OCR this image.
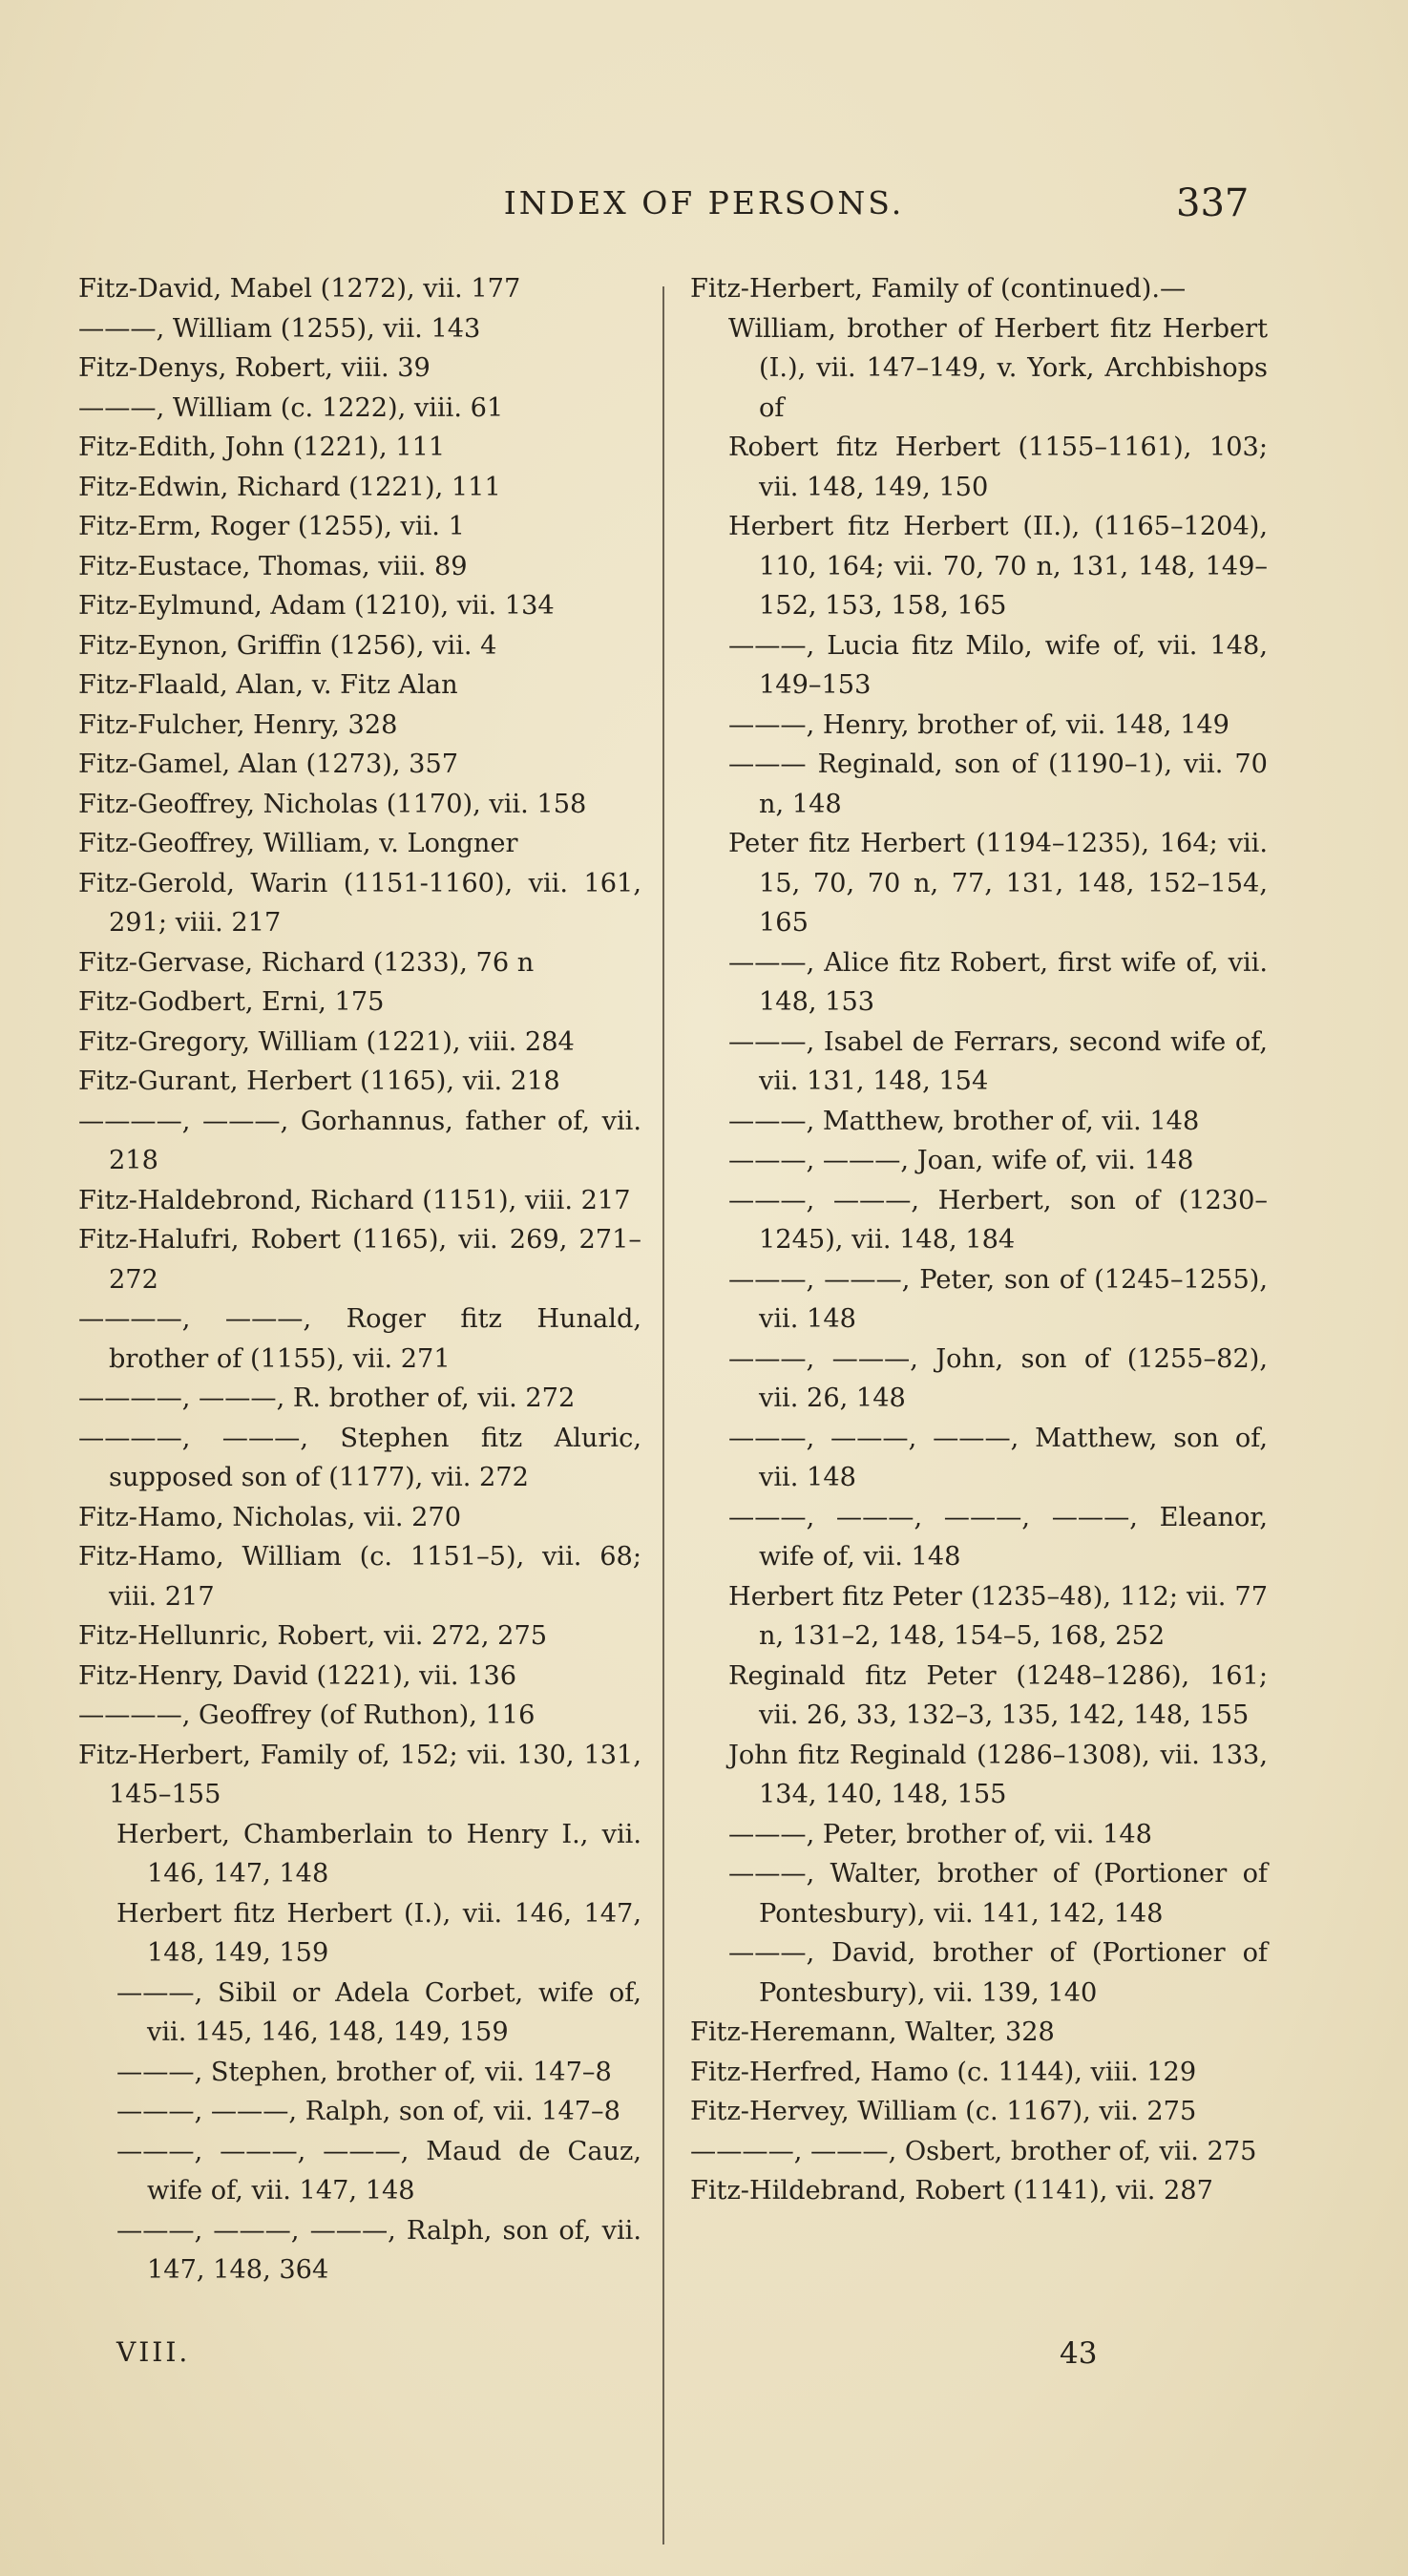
INDEX OF PERSONS.	337
Fitz-David, Mabel (1272), vii. 177
———, William (1255), vii. 143
Fitz-Denys, Robert, viii. 39
———, William (c. 1222), viii. 61
Fitz-Edith, John (1221), 111
Fitz-Edwin, Richard (1221), 111
Fitz-Erm, Roger (1255), vii. 1
Fitz-Eustace, Thomas, viii. 89
Fitz-Eylmund, Adam (1210), vii. 134
Fitz-Eynon, Griffin (1256), vii. 4
Fitz-Flaald, Alan, v. Fitz Alan
Fitz-Fulcher, Henry, 328
Fitz-Gamel, Alan (1273), 357
Fitz-Geoffrey, Nicholas (1170), vii. 158
Fitz-Geoffrey, William, v. Longner
Fitz-Gerold, Warin (1151-1160), vii. 161, 291; viii. 217
Fitz-Gervase, Richard (1233), 76 n
Fitz-Godbert, Erni, 175
Fitz-Gregory, William (1221), viii. 284
Fitz-Gurant, Herbert (1165), vii. 218
————, ———, Gorhannus, father of, vii. 218
Fitz-Haldebrond, Richard (1151), viii. 217
Fitz-Halufri, Robert (1165), vii. 269, 271–272
————, ———, Roger fitz Hunald, brother of (1155), vii. 271
————, ———, R. brother of, vii. 272
————, ———, Stephen fitz Aluric, supposed son of (1177), vii. 272
Fitz-Hamo, Nicholas, vii. 270
Fitz-Hamo, William (c. 1151–5), vii. 68; viii. 217
Fitz-Hellunric, Robert, vii. 272, 275
Fitz-Henry, David (1221), vii. 136
————, Geoffrey (of Ruthon), 116
Fitz-Herbert, Family of, 152; vii. 130, 131, 145–155
Herbert, Chamberlain to Henry I., vii. 146, 147, 148
Herbert fitz Herbert (I.), vii. 146, 147, 148, 149, 159
———, Sibil or Adela Corbet, wife of, vii. 145, 146, 148, 149, 159
———, Stephen, brother of, vii. 147–8
———, ———, Ralph, son of, vii. 147–8
———, ———, ———, Maud de Cauz, wife of, vii. 147, 148
———, ———, ———, Ralph, son of, vii. 147, 148, 364
Fitz-Herbert, Family of (continued).—
William, brother of Herbert fitz Herbert (I.), vii. 147–149, v. York, Archbishops of
Robert fitz Herbert (1155–1161), 103; vii. 148, 149, 150
Herbert fitz Herbert (II.), (1165–1204), 110, 164; vii. 70, 70 n, 131, 148, 149–152, 153, 158, 165
———, Lucia fitz Milo, wife of, vii. 148, 149–153
———, Henry, brother of, vii. 148, 149
——— Reginald, son of (1190–1), vii. 70 n, 148
Peter fitz Herbert (1194–1235), 164; vii. 15, 70, 70 n, 77, 131, 148, 152–154, 165
———, Alice fitz Robert, first wife of, vii. 148, 153
———, Isabel de Ferrars, second wife of, vii. 131, 148, 154
———, Matthew, brother of, vii. 148
———, ———, Joan, wife of, vii. 148
———, ———, Herbert, son of (1230–1245), vii. 148, 184
———, ———, Peter, son of (1245–1255), vii. 148
———, ———, John, son of (1255–82), vii. 26, 148
———, ———, ———, Matthew, son of, vii. 148
———, ———, ———, ———, Eleanor, wife of, vii. 148
Herbert fitz Peter (1235–48), 112; vii. 77 n, 131–2, 148, 154–5, 168, 252
Reginald fitz Peter (1248–1286), 161; vii. 26, 33, 132–3, 135, 142, 148, 155
John fitz Reginald (1286–1308), vii. 133, 134, 140, 148, 155
———, Peter, brother of, vii. 148
———, Walter, brother of (Portioner of Pontesbury), vii. 141, 142, 148
———, David, brother of (Portioner of Pontesbury), vii. 139, 140
Fitz-Heremann, Walter, 328
Fitz-Herfred, Hamo (c. 1144), viii. 129
Fitz-Hervey, William (c. 1167), vii. 275
————, ———, Osbert, brother of, vii. 275
Fitz-Hildebrand, Robert (1141), vii. 287
VIII.	43
